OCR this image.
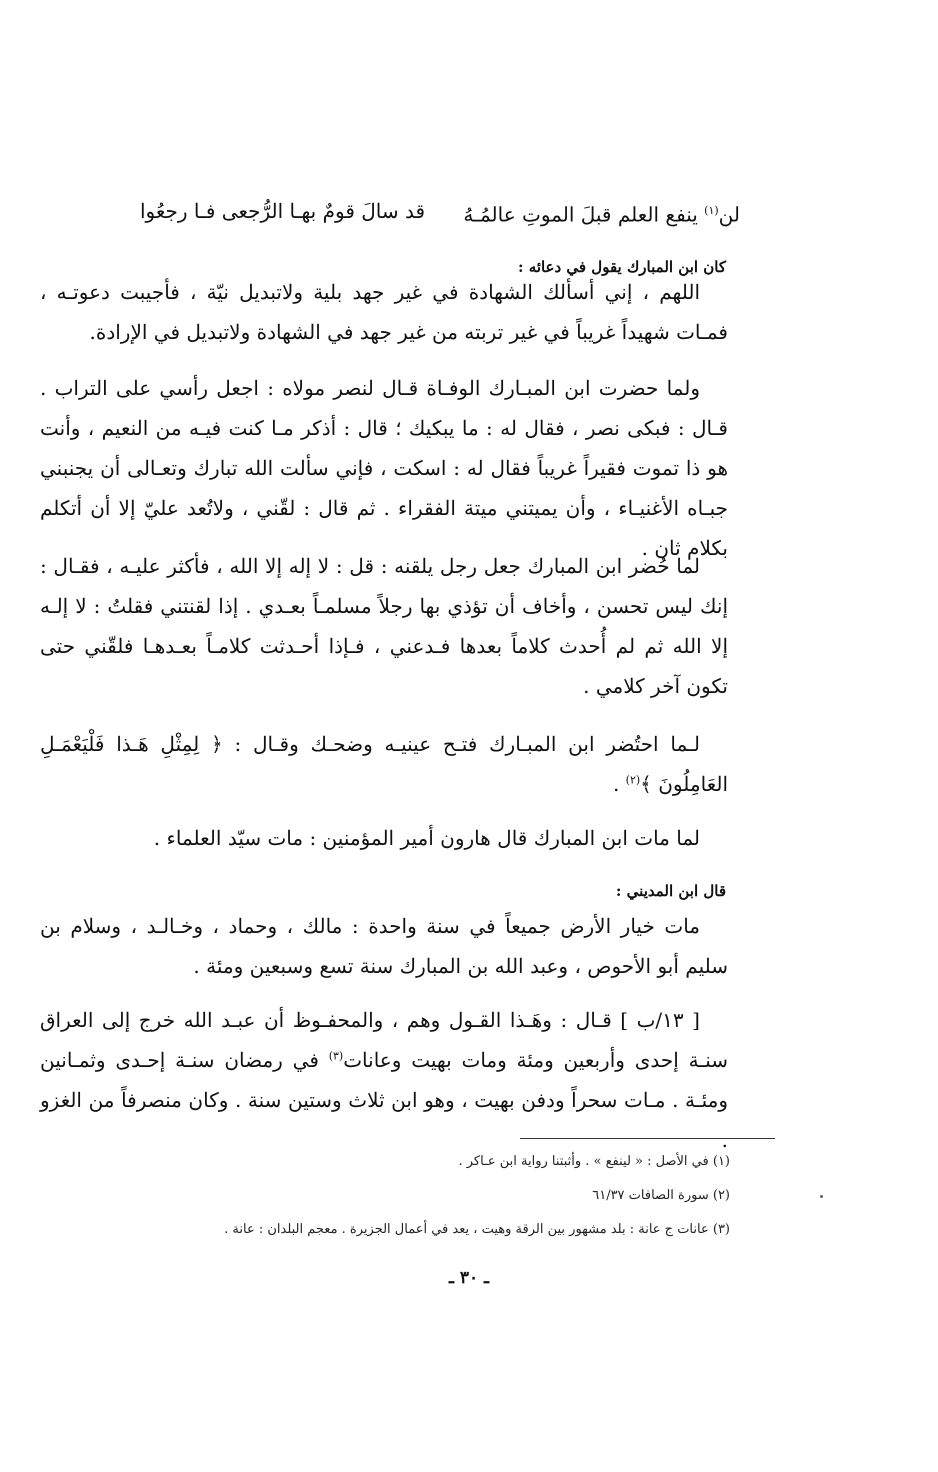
لن$^{(١)}$ ينفع العلم قبلَ الموتِ عالمُـهُ
قد سالَ قومٌ بهـا الرُّجعى فـا رجعُوا
كان ابن المبارك يقول في دعائه :

اللهم ، إني أسألك الشهادة في غير جهد بلية ولاتبديل نيّة ، فأجيبت دعوتـه ، فمـات شهيداً غريباً في غير تربته من غير جهد في الشهادة ولاتبديل في الإرادة.

ولما حضرت ابن المبـارك الوفـاة قـال لنصر مولاه : اجعل رأسي على التراب . قـال : فبكى نصر ، فقال له : ما يبكيك ؛ قال : أذكر مـا كنت فيـه من النعيم ، وأنت هو ذا تموت فقيراً غريباً فقال له : اسكت ، فإني سألت الله تبارك وتعـالى أن يجنبني جبـاه الأغنيـاء ، وأن يميتني ميتة الفقراء . ثم قال : لقّني ، ولاتُعد عليّ إلا أن أتكلم بكلام ثان .

لما حُضر ابن المبارك جعل رجل يلقنه : قل : لا إله إلا الله ، فأكثر عليـه ، فقـال : إنك ليس تحسن ، وأخاف أن تؤذي بها رجلاً مسلمـاً بعـدي . إذا لقنتني فقلتُ : لا إلـه إلا الله ثم لم أُحدث كلاماً بعدها فـدعني ، فـإذا أحـدثت كلامـاً بعـدهـا فلقّني حتى تكون آخر كلامي .

لـما احتُضر ابن المبـارك فتـح عينيـه وضحـك وقـال : ﴿ لِمِثْلِ هَـذا فَلْيَعْمَـلِ العَامِلُونَ ﴾$^{(٢)}$ .

لما مات ابن المبارك قال هارون أمير المؤمنين : مات سيّد العلماء .

قال ابن المديني :

مات خيار الأرض جميعاً في سنة واحدة : مالك ، وحماد ، وخـالـد ، وسلام بن سليم أبو الأحوص ، وعبد الله بن المبارك سنة تسع وسبعين ومئة .

[ ١٣/ب ] قـال : وهَـذا القـول وهم ، والمحفـوظ أن عبـد الله خرج إلى العراق سنـة إحدى وأربعين ومئة ومات بهيت وعانات$^{(٣)}$ في رمضان سنـة إحـدى وثمـانين ومئـة . مـات سحراً ودفن بهيت ، وهو ابن ثلاث وستين سنة . وكان منصرفاً من الغزو .

(١) في الأصل : « لينفع » . وأثبتنا رواية ابن عـاكر .
(٢) سورة الصافات ٦١/٣٧
(٣) عانات ج عانة : بلد مشهور بين الرقة وهيت ، يعد في أعمال الجزيرة . معجم البلدان : عانة .
ـ ٣٠ ـ
